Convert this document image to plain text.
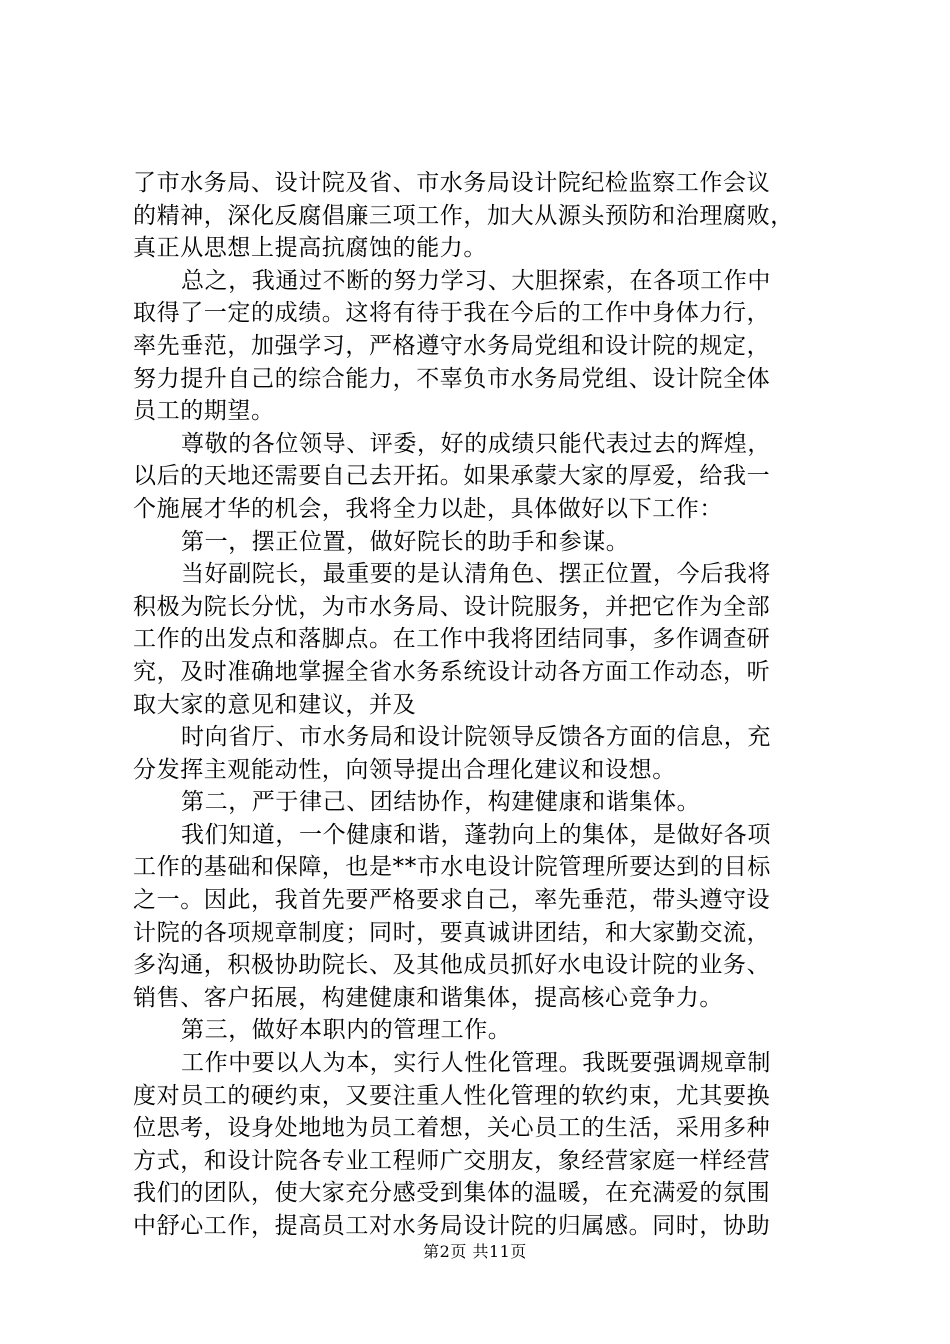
了市水务局、设计院及省、市水务局设计院纪检监察工作会议
的精神，深化反腐倡廉三项工作，加大从源头预防和治理腐败，
真正从思想上提高抗腐蚀的能力。
总之，我通过不断的努力学习、大胆探索，在各项工作中
取得了一定的成绩。这将有待于我在今后的工作中身体力行，
率先垂范，加强学习，严格遵守水务局党组和设计院的规定，
努力提升自己的综合能力，不辜负市水务局党组、设计院全体
员工的期望。
尊敬的各位领导、评委，好的成绩只能代表过去的辉煌，
以后的天地还需要自己去开拓。如果承蒙大家的厚爱，给我一
个施展才华的机会，我将全力以赴，具体做好以下工作：
第一，摆正位置，做好院长的助手和参谋。
当好副院长，最重要的是认清角色、摆正位置，今后我将
积极为院长分忧，为市水务局、设计院服务，并把它作为全部
工作的出发点和落脚点。在工作中我将团结同事，多作调查研
究，及时准确地掌握全省水务系统设计动各方面工作动态，听
取大家的意见和建议，并及
时向省厅、市水务局和设计院领导反馈各方面的信息，充
分发挥主观能动性，向领导提出合理化建议和设想。
第二，严于律己、团结协作，构建健康和谐集体。
我们知道，一个健康和谐，蓬勃向上的集体，是做好各项
工作的基础和保障，也是**市水电设计院管理所要达到的目标
之一。因此，我首先要严格要求自己，率先垂范，带头遵守设
计院的各项规章制度；同时，要真诚讲团结，和大家勤交流，
多沟通，积极协助院长、及其他成员抓好水电设计院的业务、
销售、客户拓展，构建健康和谐集体，提高核心竞争力。
第三，做好本职内的管理工作。
工作中要以人为本，实行人性化管理。我既要强调规章制
度对员工的硬约束，又要注重人性化管理的软约束，尤其要换
位思考，设身处地地为员工着想，关心员工的生活，采用多种
方式，和设计院各专业工程师广交朋友，象经营家庭一样经营
我们的团队，使大家充分感受到集体的温暖，在充满爱的氛围
中舒心工作，提高员工对水务局设计院的归属感。同时，协助
第2页 共11页
